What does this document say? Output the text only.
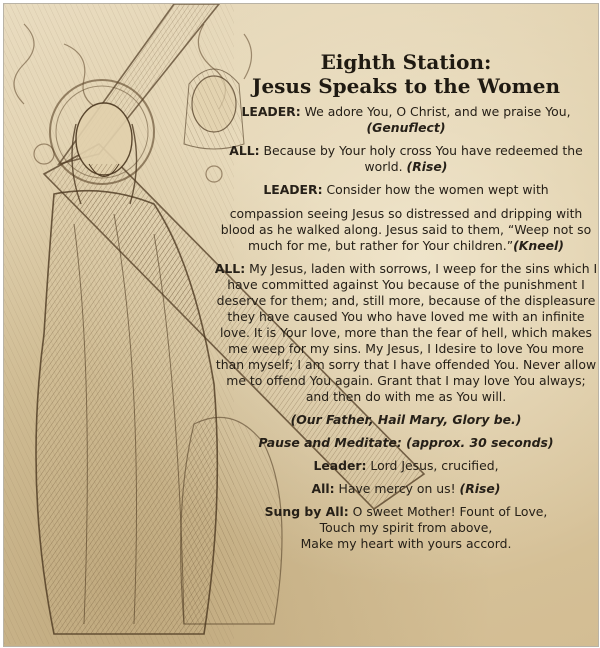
Eighth Station:
Jesus Speaks to the Women
LEADER: We adore You, O Christ, and we praise You,
(Genuflect)
ALL: Because by Your holy cross You have redeemed the world. (Rise)
LEADER: Consider how the women wept with
compassion seeing Jesus so distressed and dripping with blood as he walked along. Jesus said to them, “Weep not so much for me, but rather for Your children.”(Kneel)
ALL: My Jesus, laden with sorrows, I weep for the sins which I have committed against You because of the punishment I deserve for them; and, still more, because of the displeasure they have caused You who have loved me with an infinite love. It is Your love, more than the fear of hell, which makes me weep for my sins. My Jesus, I Idesire to love You more than myself; I am sorry that I have offended You. Never allow me to offend You again. Grant that I may love You always; and then do with me as You will.
(Our Father, Hail Mary, Glory be.)
Pause and Meditate: (approx. 30 seconds)
Leader: Lord Jesus, crucified,
All: Have mercy on us! (Rise)
Sung by All: O sweet Mother! Fount of Love,
Touch my spirit from above,
Make my heart with yours accord.
